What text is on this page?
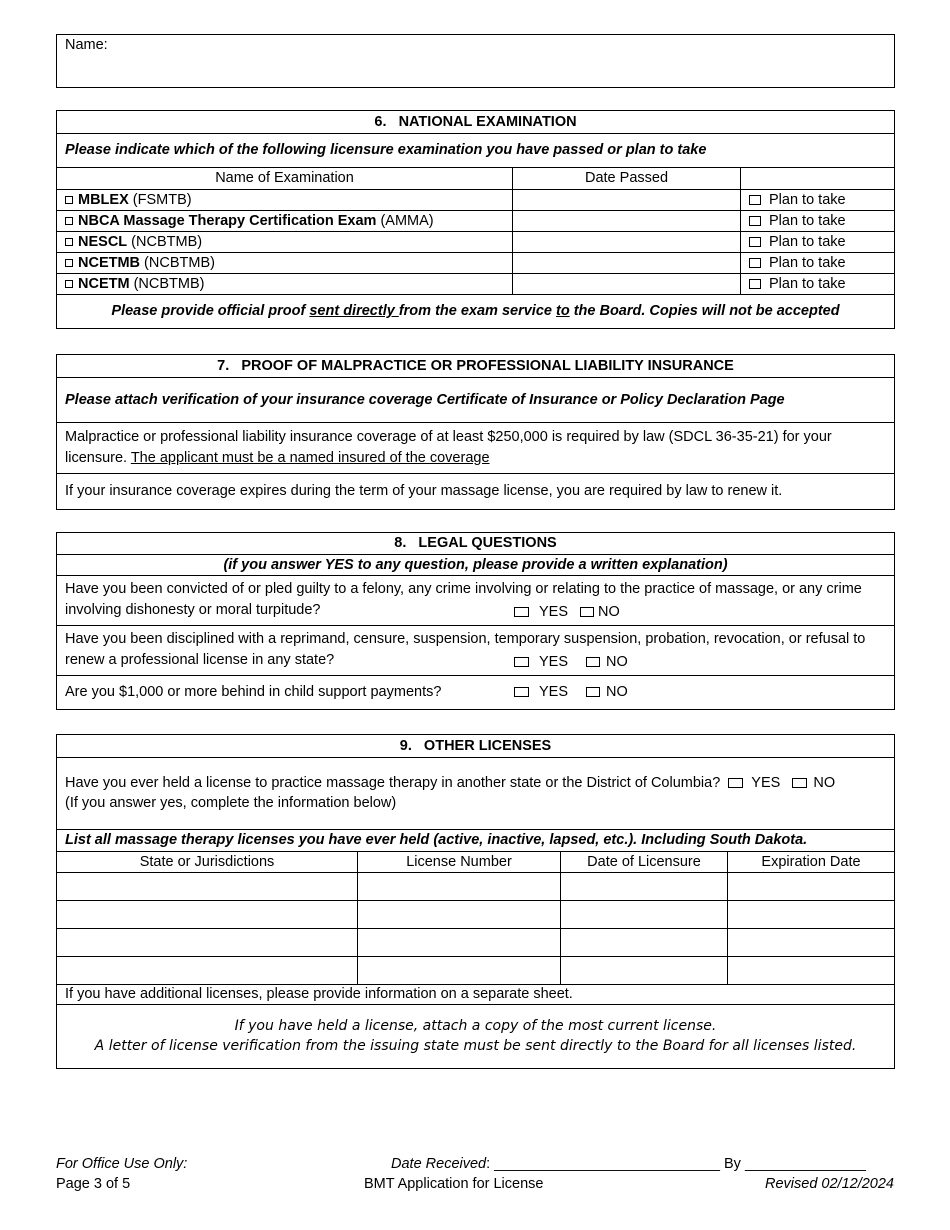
Name:
6.   NATIONAL EXAMINATION		
Please indicate which of the following licensure examination you have passed or plan to take		
Name of Examination	Date Passed	
MBLEX (FSMTB)		Plan to take
NBCA Massage Therapy Certification Exam (AMMA)		Plan to take
NESCL (NCBTMB)		Plan to take
NCETMB (NCBTMB)		Plan to take
NCETM (NCBTMB)		Plan to take
Please provide official proof sent directly from the exam service to the Board. Copies will not be accepted		
7.   PROOF OF MALPRACTICE OR PROFESSIONAL LIABILITY INSURANCE
Please attach verification of your insurance coverage Certificate of Insurance or Policy Declaration Page
Malpractice or professional liability insurance coverage of at least $250,000 is required by law (SDCL 36-35-21) for your licensure. The applicant must be a named insured of the coverage
If your insurance coverage expires during the term of your massage license, you are required by law to renew it.
8.   LEGAL QUESTIONS
(if you answer YES to any question, please provide a written explanation)

Have you been convicted of or pled guilty to a felony, any crime involving or relating to the practice of massage, or any crime involving dishonesty or moral turpitude?	YES NO

Have you been disciplined with a reprimand, censure, suspension, temporary suspension, probation, revocation, or refusal to renew a professional license in any state?	YES	NO

Are you $1,000 or more behind in child support payments?	YES	NO
9.   OTHER LICENSES			

Have you ever held a license to practice massage therapy in another state or the District of Columbia? YES NO
(If you answer yes, complete the information below)			

List all massage therapy licenses you have ever held (active, inactive, lapsed, etc.). Including South Dakota.			
State or Jurisdictions	License Number	Date of Licensure	Expiration Date

If you have additional licenses, please provide information on a separate sheet.			

If you have held a license, attach a copy of the most current license.
A letter of license verification from the issuing state must be sent directly to the Board for all licenses listed.			
For Office Use Only:	Date Received: ____________________________ By _______________
Page 3 of 5	BMT Application for License	Revised 02/12/2024
